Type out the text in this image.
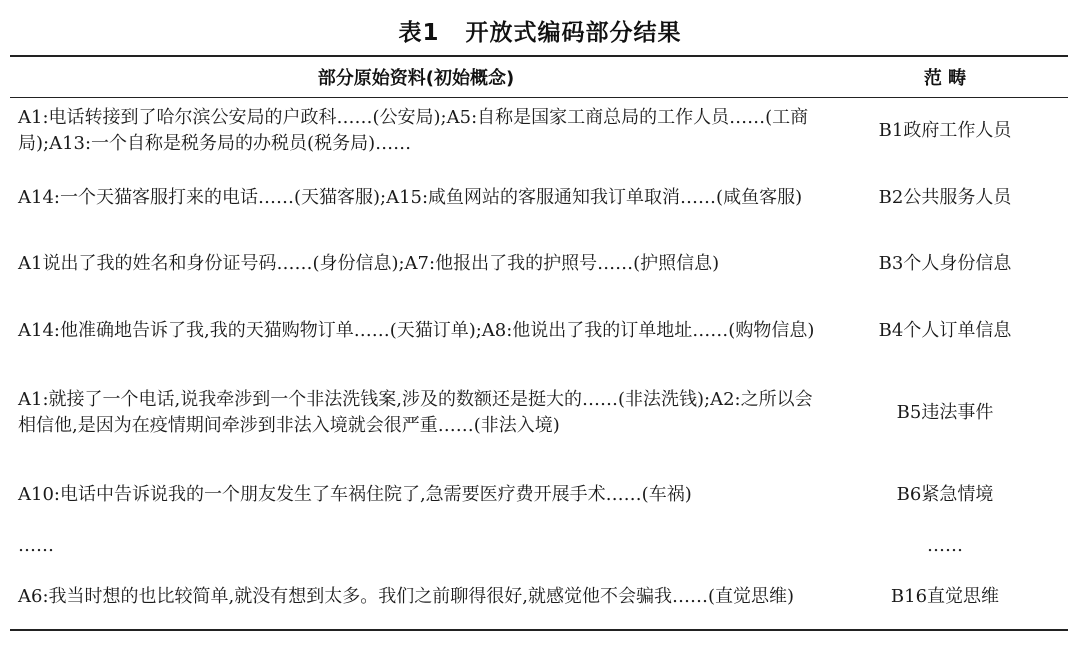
表1 开放式编码部分结果
部分原始资料(初始概念)	范 畴
A1:电话转接到了哈尔滨公安局的户政科……(公安局);A5:自称是国家工商总局的工作人员……(工商局);A13:一个自称是税务局的办税员(税务局)……	B1政府工作人员
A14:一个天猫客服打来的电话……(天猫客服);A15:咸鱼网站的客服通知我订单取消……(咸鱼客服)	B2公共服务人员
A1说出了我的姓名和身份证号码……(身份信息);A7:他报出了我的护照号……(护照信息)	B3个人身份信息
A14:他准确地告诉了我,我的天猫购物订单……(天猫订单);A8:他说出了我的订单地址……(购物信息)	B4个人订单信息
A1:就接了一个电话,说我牵涉到一个非法洗钱案,涉及的数额还是挺大的……(非法洗钱);A2:之所以会相信他,是因为在疫情期间牵涉到非法入境就会很严重……(非法入境)	B5违法事件
A10:电话中告诉说我的一个朋友发生了车祸住院了,急需要医疗费开展手术……(车祸)	B6紧急情境
……	……
A6:我当时想的也比较简单,就没有想到太多。我们之前聊得很好,就感觉他不会骗我……(直觉思维)	B16直觉思维
